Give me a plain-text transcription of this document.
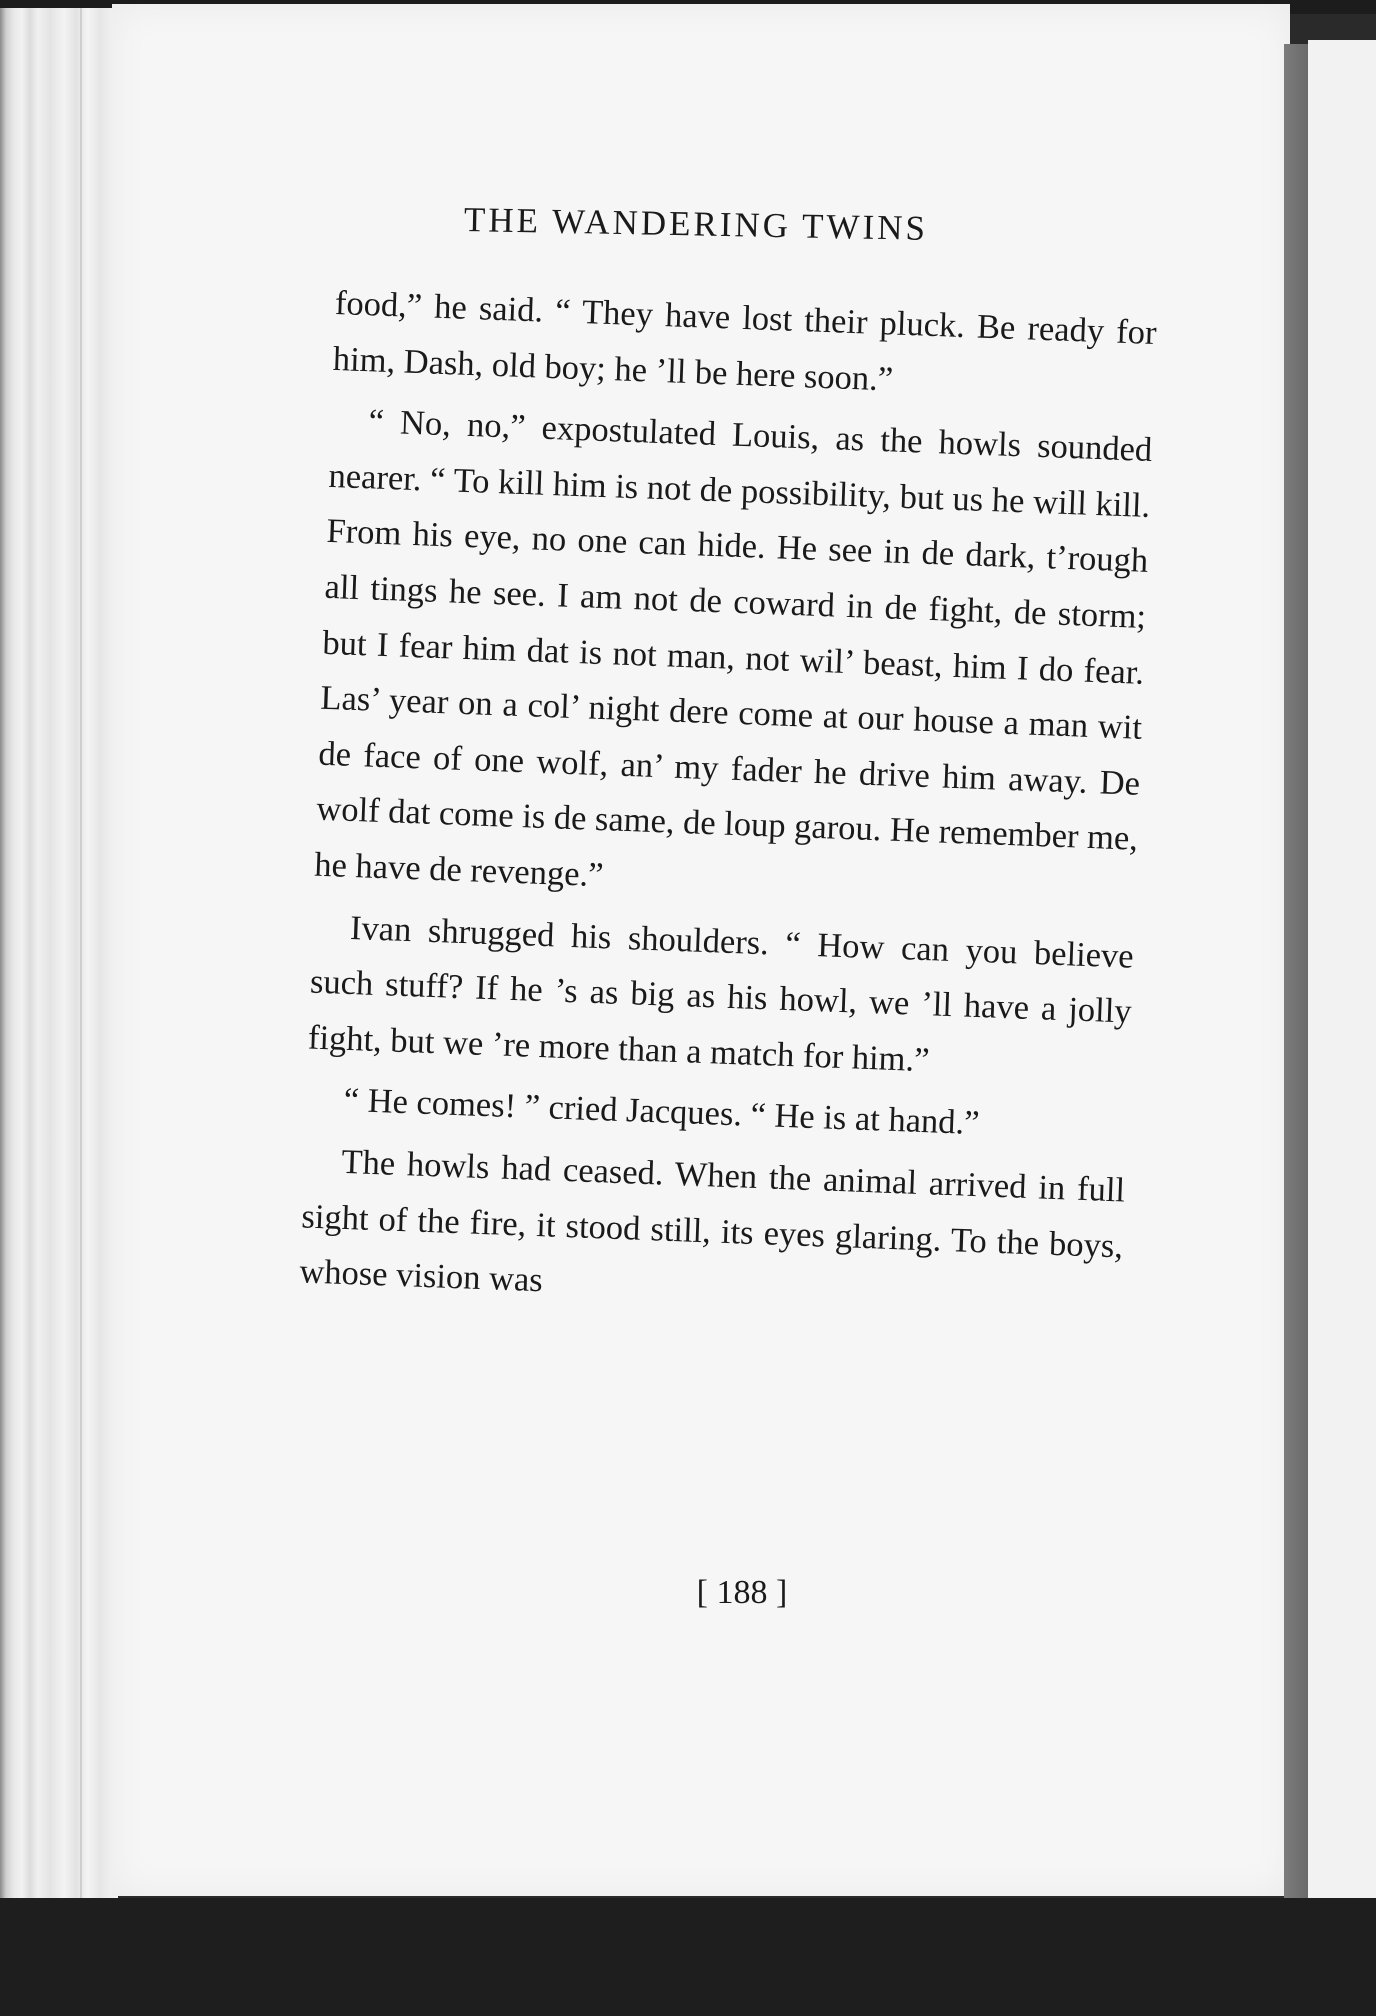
THE WANDERING TWINS

food,” he said. “ They have lost their pluck. Be ready for him, Dash, old boy; he ’ll be here soon.”

“ No, no,” expostulated Louis, as the howls sounded nearer. “ To kill him is not de possibility, but us he will kill. From his eye, no one can hide. He see in de dark, t’rough all tings he see. I am not de coward in de fight, de storm; but I fear him dat is not man, not wil’ beast, him I do fear. Las’ year on a col’ night dere come at our house a man wit de face of one wolf, an’ my fader he drive him away. De wolf dat come is de same, de loup garou. He remember me, he have de revenge.”

Ivan shrugged his shoulders. “ How can you believe such stuff? If he ’s as big as his howl, we ’ll have a jolly fight, but we ’re more than a match for him.”

“ He comes! ” cried Jacques. “ He is at hand.”

The howls had ceased. When the animal arrived in full sight of the fire, it stood still, its eyes glaring. To the boys, whose vision was

[ 188 ]
